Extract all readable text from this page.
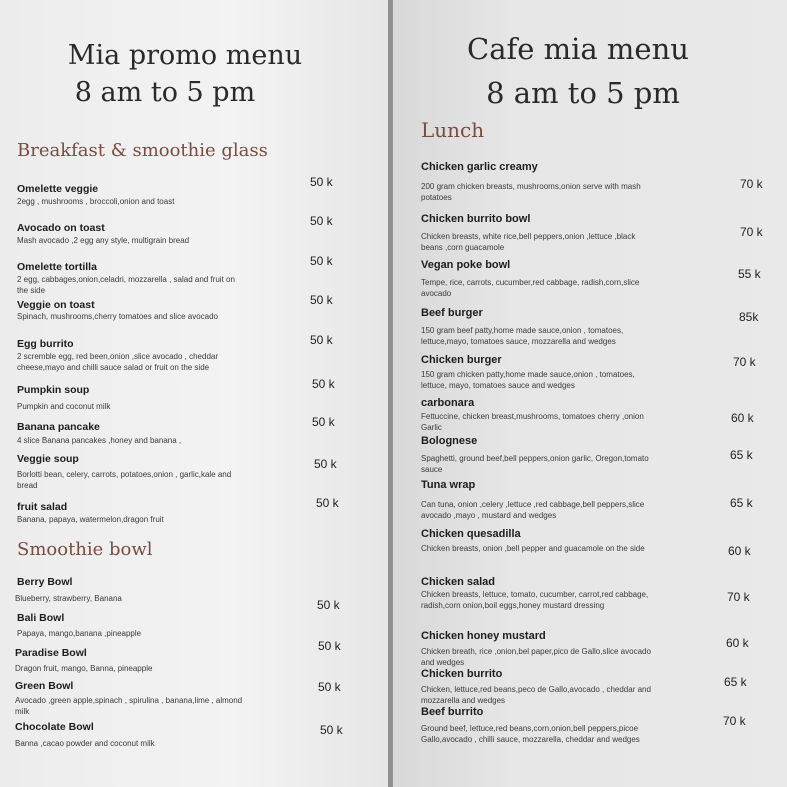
Mia promo menu
8 am to 5 pm
Breakfast & smoothie glass
Omelette veggie
2egg , mushrooms , broccoli,onion and toast
50 k
Avocado on toast
Mash avocado ,2 egg any style, multigrain bread
50 k
Omelette tortilla
2 egg, cabbages,onion,celadri, mozzarella , salad and fruit on the side
50 k
Veggie on toast
Spinach, mushrooms,cherry tomatoes and slice avocado
50 k
Egg burrito
2 scremble egg, red been,onion ,slice avocado , cheddar cheese,mayo and chilli sauce salad or fruit on the side
50 k
Pumpkin soup
Pumpkin and coconut milk
50 k
Banana pancake
4 slice Banana pancakes ,honey and banana ,
50 k
Veggie soup
Borlotti bean, celery, carrots, potatoes,onion , garlic,kale and bread
50 k
fruit salad
Banana, papaya, watermelon,dragon fruit
50 k
Smoothie bowl
Berry Bowl
Blueberry, strawberry, Banana	50 k
Bali Bowl
Papaya, mango,banana ,pineapple
50 k
Paradise Bowl
Dragon fruit, mango, Banna, pineapple
50 k
Green Bowl
Avocado ,green apple,spinach , spirulina , banana,lime , almond milk
50 k
Chocolate Bowl
Banna ,cacao powder and coconut milk
Cafe mia menu
8 am to 5 pm
Lunch
Chicken garlic creamy
200 gram chicken breasts, mushrooms,onion serve with mash potatoes
70 k
Chicken burrito bowl
Chicken breasts, white rice,bell peppers,onion ,lettuce ,black beans ,corn guacamole
70 k
Vegan poke bowl
Tempe, rice, carrots, cucumber,red cabbage, radish,corn,slice avocado
55 k
Beef burger
150 gram beef patty,home made sauce,onion , tomatoes, lettuce,mayo, tomatoes sauce, mozzarella and wedges
85k
Chicken burger
150 gram chicken patty,home made sauce,onion , tomatoes, lettuce, mayo, tomatoes sauce and wedges
70 k
carbonara
Fettuccine, chicken breast,mushrooms, tomatoes cherry ,onion Garlic
60 k
Bolognese
Spaghetti, ground beef,bell peppers,onion garlic, Oregon,tomato sauce
65 k
Tuna wrap
Can tuna, onion ,celery ,lettuce ,red cabbage,bell peppers,slice avocado ,mayo , mustard and wedges
65 k
Chicken quesadilla
Chicken breasts, onion ,bell pepper and guacamole on the side	60 k
Chicken salad
Chicken breasts, lettuce, tomato, cucumber, carrot,red cabbage, radish,corn onion,boil eggs,honey mustard dressing
70 k
Chicken honey mustard
Chicken breath, rice ,onion,bel paper,pico de Gallo,slice avocado and wedges
60 k
Chicken burrito
Chicken, lettuce,red beans,peco de Gallo,avocado , cheddar and mozzarella and wedges
65 k
Beef burrito
Ground beef, lettuce,red beans,corn,onion,bell peppers,picoe Gallo,avocado , chilli sauce, mozzarella, cheddar and wedges
70 k
